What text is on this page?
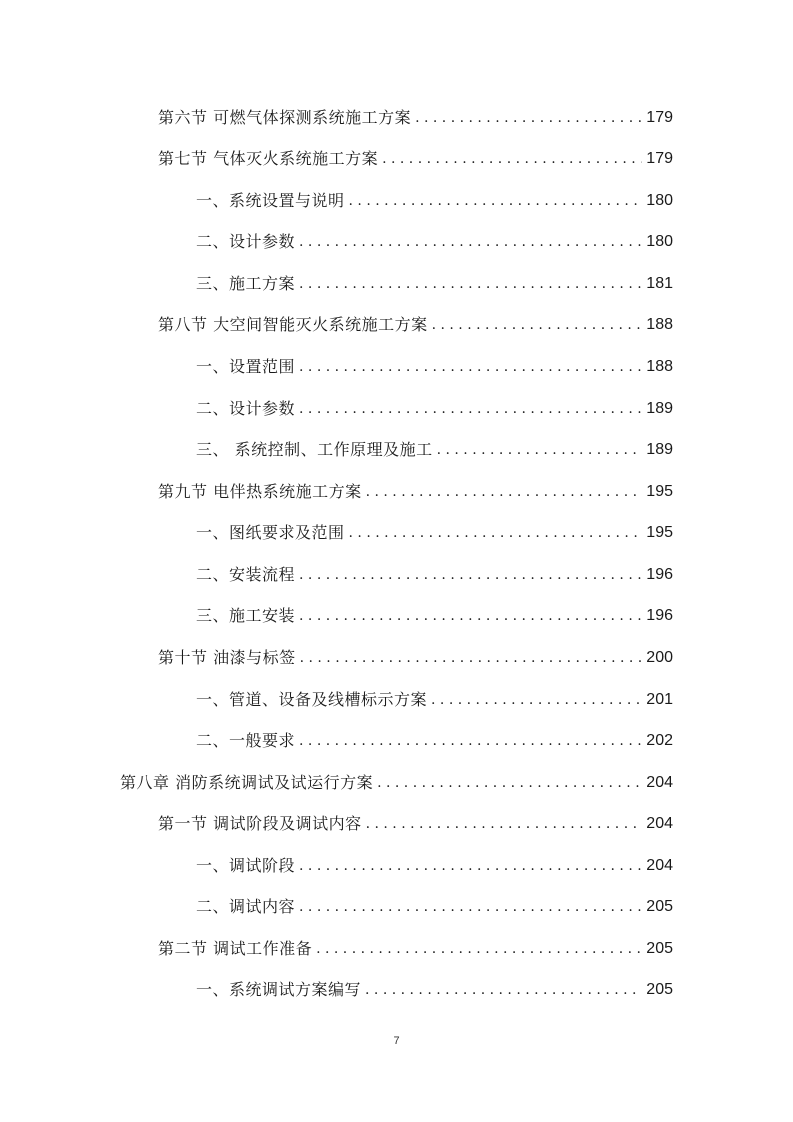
第六节 可燃气体探测系统施工方案 . . .	179
第七节 气体灭火系统施工方案 . . .	179
一、系统设置与说明 . . .	180
二、设计参数 . . .	180
三、施工方案 . . .	181
第八节 大空间智能灭火系统施工方案 . . .	188
一、设置范围 . . .	188
二、设计参数 . . .	189
三、 系统控制、工作原理及施工 . . .	189
第九节 电伴热系统施工方案 . . .	195
一、图纸要求及范围 . . .	195
二、安装流程 . . .	196
三、施工安装 . . .	196
第十节 油漆与标签 . . .	200
一、管道、设备及线槽标示方案 . . .	201
二、一般要求 . . .	202
第八章 消防系统调试及试运行方案 . . .	204
第一节 调试阶段及调试内容 . . .	204
一、调试阶段 . . .	204
二、调试内容 . . .	205
第二节 调试工作准备 . . .	205
一、系统调试方案编写 . . .	205
7
